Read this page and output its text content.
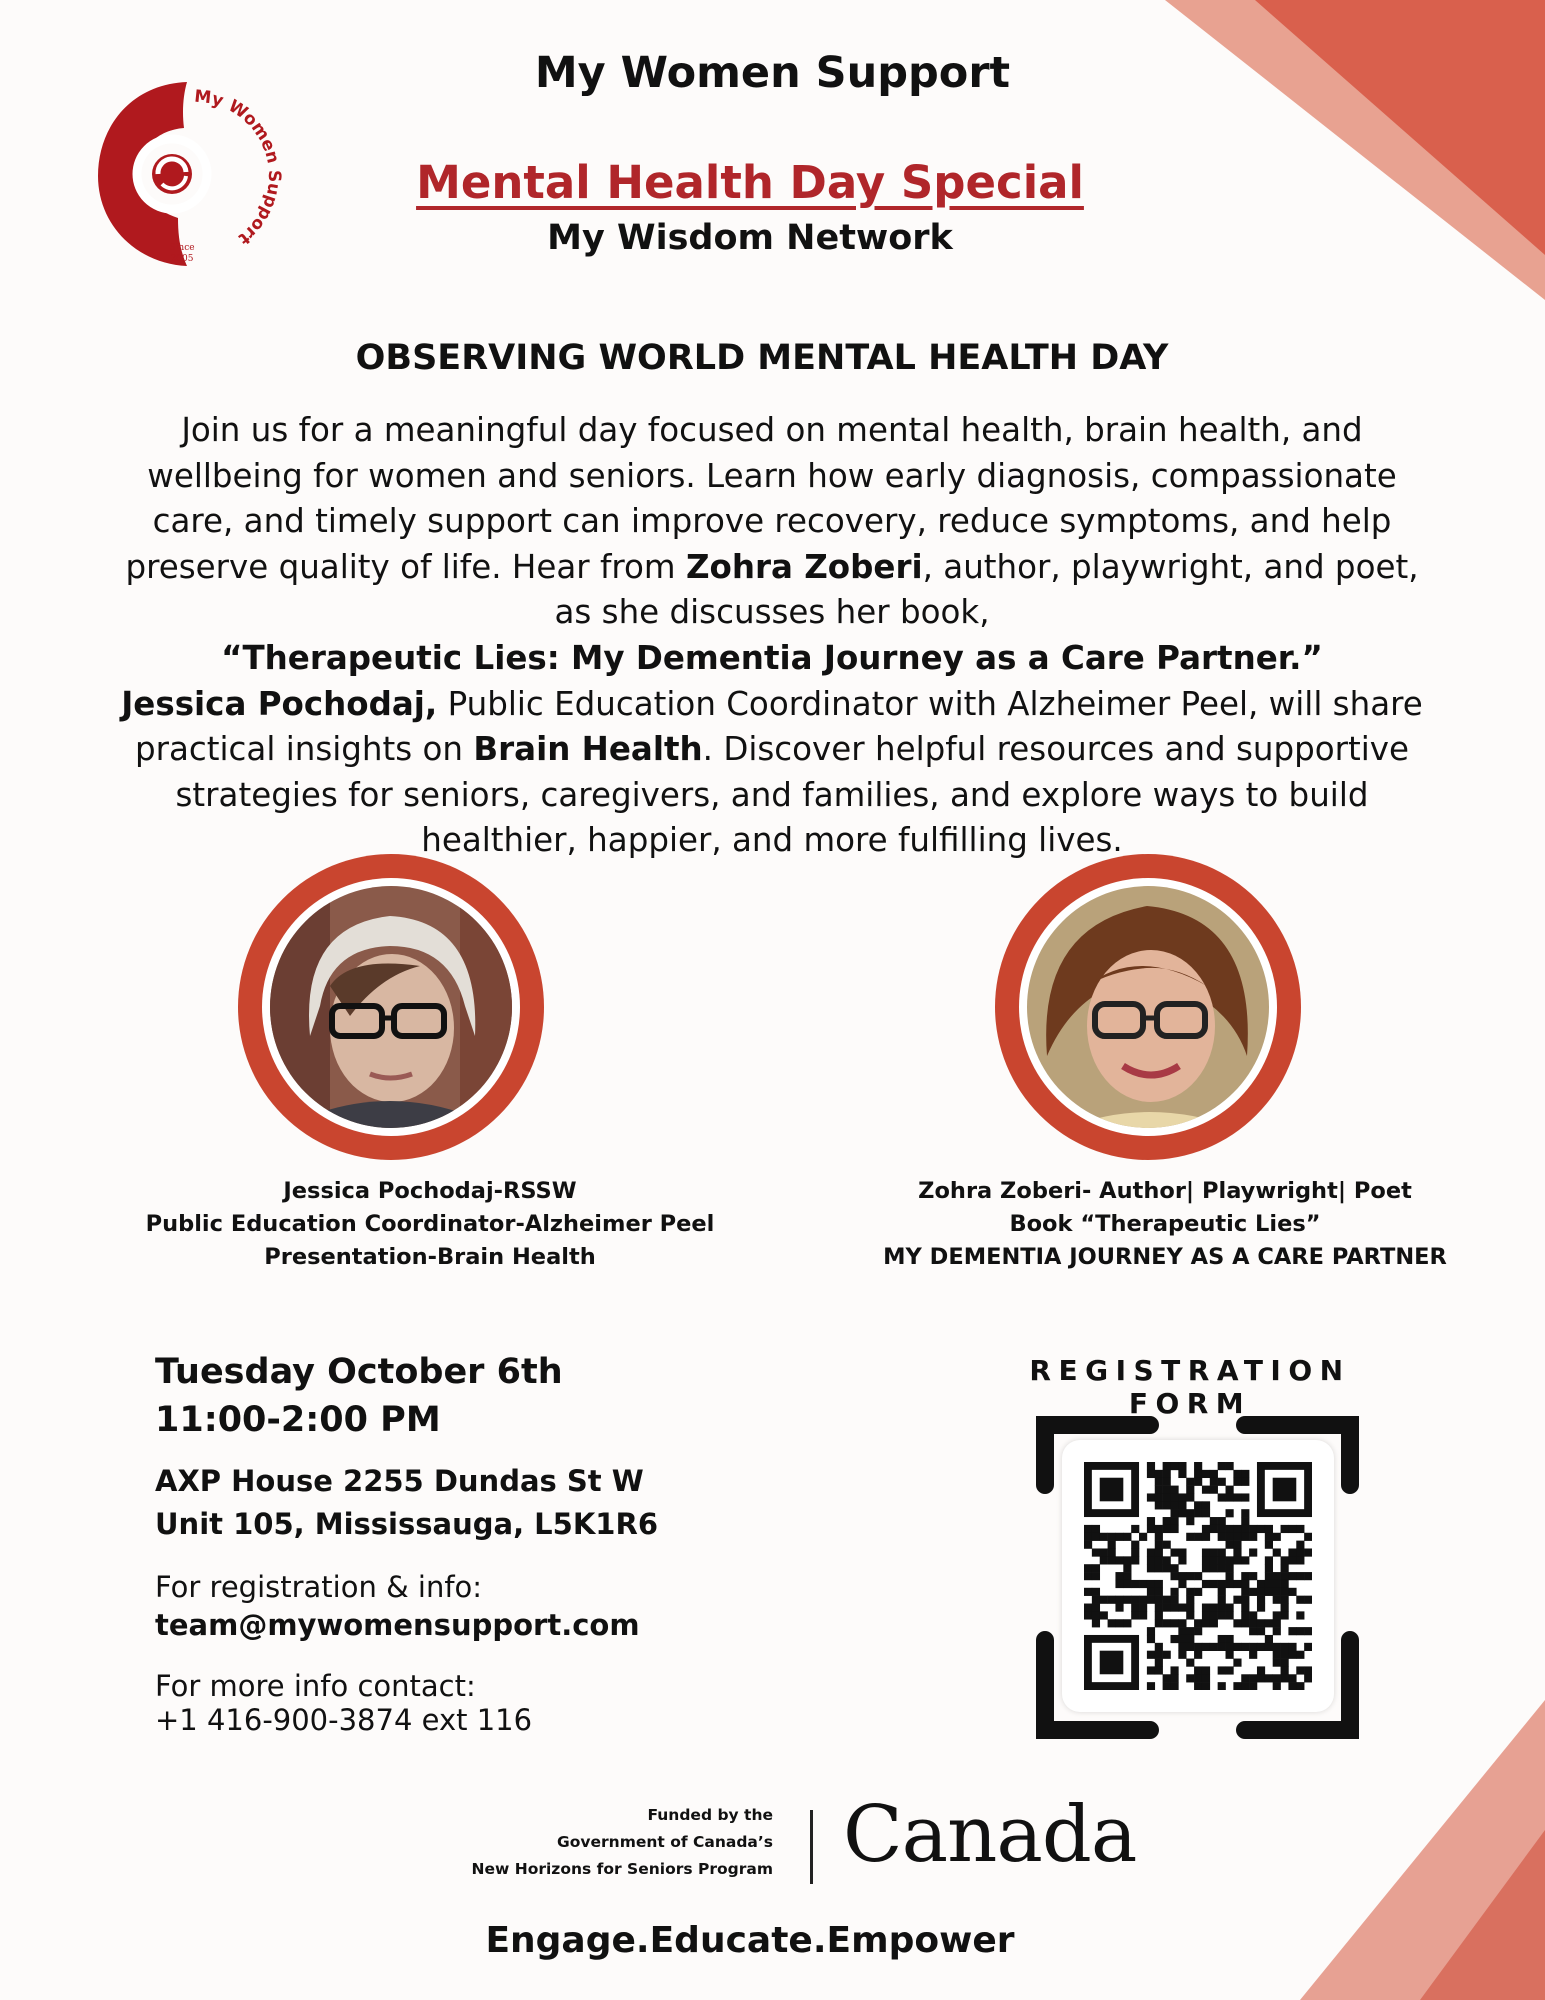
My Women Support
Since
2005
My Women Support
Mental Health Day Special
My Wisdom Network
OBSERVING WORLD MENTAL HEALTH DAY
Join us for a meaningful day focused on mental health, brain health, and wellbeing for women and seniors. Learn how early diagnosis, compassionate care, and timely support can improve recovery, reduce symptoms, and help preserve quality of life. Hear from Zohra Zoberi, author, playwright, and poet, as she discusses her book,
“Therapeutic Lies: My Dementia Journey as a Care Partner.”
Jessica Pochodaj, Public Education Coordinator with Alzheimer Peel, will share practical insights on Brain Health. Discover helpful resources and supportive strategies for seniors, caregivers, and families, and explore ways to build healthier, happier, and more fulfilling lives.
Jessica Pochodaj-RSSW
Public Education Coordinator-Alzheimer Peel
Presentation-Brain Health
Zohra Zoberi- Author| Playwright| Poet
Book “Therapeutic Lies”
MY DEMENTIA JOURNEY AS A CARE PARTNER
Tuesday October 6th
11:00-2:00 PM
AXP House 2255 Dundas St W
Unit 105, Mississauga, L5K1R6
For registration & info:
team@mywomensupport.com
For more info contact:
+1 416-900-3874 ext 116
REGISTRATION FORM
Funded by the
Government of Canada’s
New Horizons for Seniors Program Canada
Engage.Educate.Empower
